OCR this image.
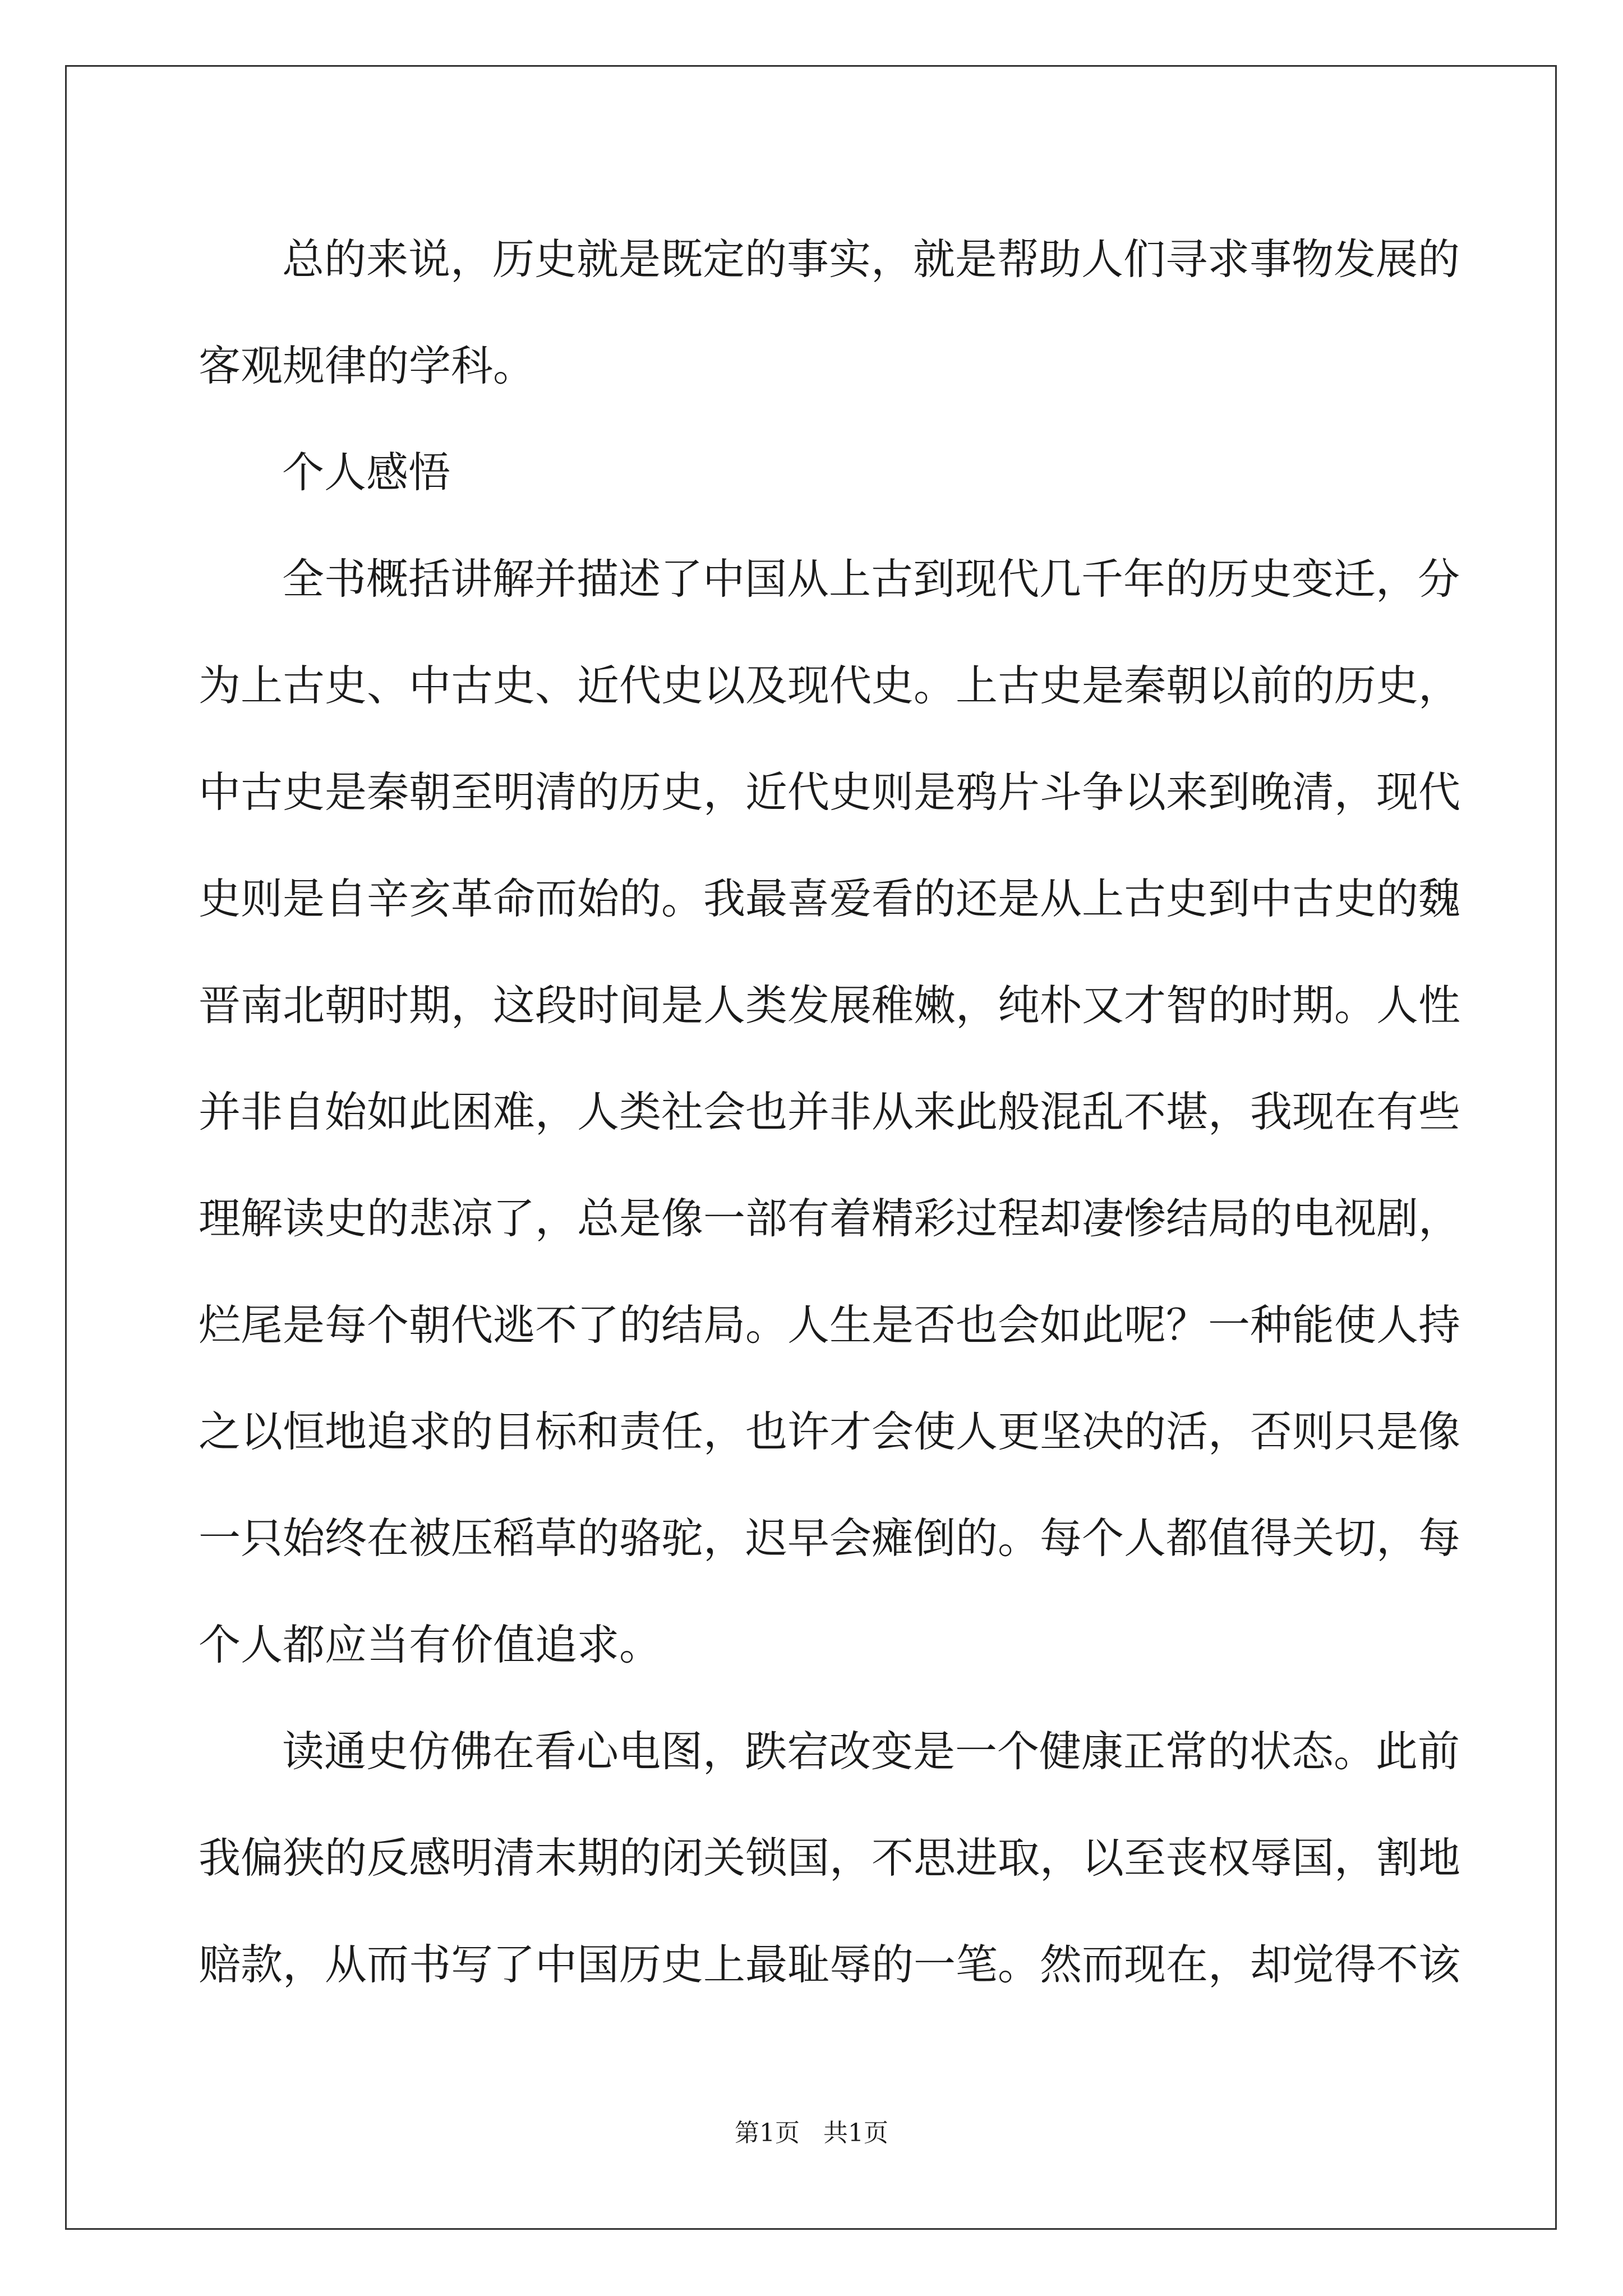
总的来说，历史就是既定的事实，就是帮助人们寻求事物发展的
客观规律的学科。
个人感悟
全书概括讲解并描述了中国从上古到现代几千年的历史变迁，分
为上古史、中古史、近代史以及现代史。上古史是秦朝以前的历史，
中古史是秦朝至明清的历史，近代史则是鸦片斗争以来到晚清，现代
史则是自辛亥革命而始的。我最喜爱看的还是从上古史到中古史的魏
晋南北朝时期，这段时间是人类发展稚嫩，纯朴又才智的时期。人性
并非自始如此困难，人类社会也并非从来此般混乱不堪，我现在有些
理解读史的悲凉了，总是像一部有着精彩过程却凄惨结局的电视剧，
烂尾是每个朝代逃不了的结局。人生是否也会如此呢？一种能使人持
之以恒地追求的目标和责任，也许才会使人更坚决的活，否则只是像
一只始终在被压稻草的骆驼，迟早会瘫倒的。每个人都值得关切，每
个人都应当有价值追求。
读通史仿佛在看心电图，跌宕改变是一个健康正常的状态。此前
我偏狭的反感明清末期的闭关锁国，不思进取，以至丧权辱国，割地
赔款，从而书写了中国历史上最耻辱的一笔。然而现在，却觉得不该
第1页   共1页
